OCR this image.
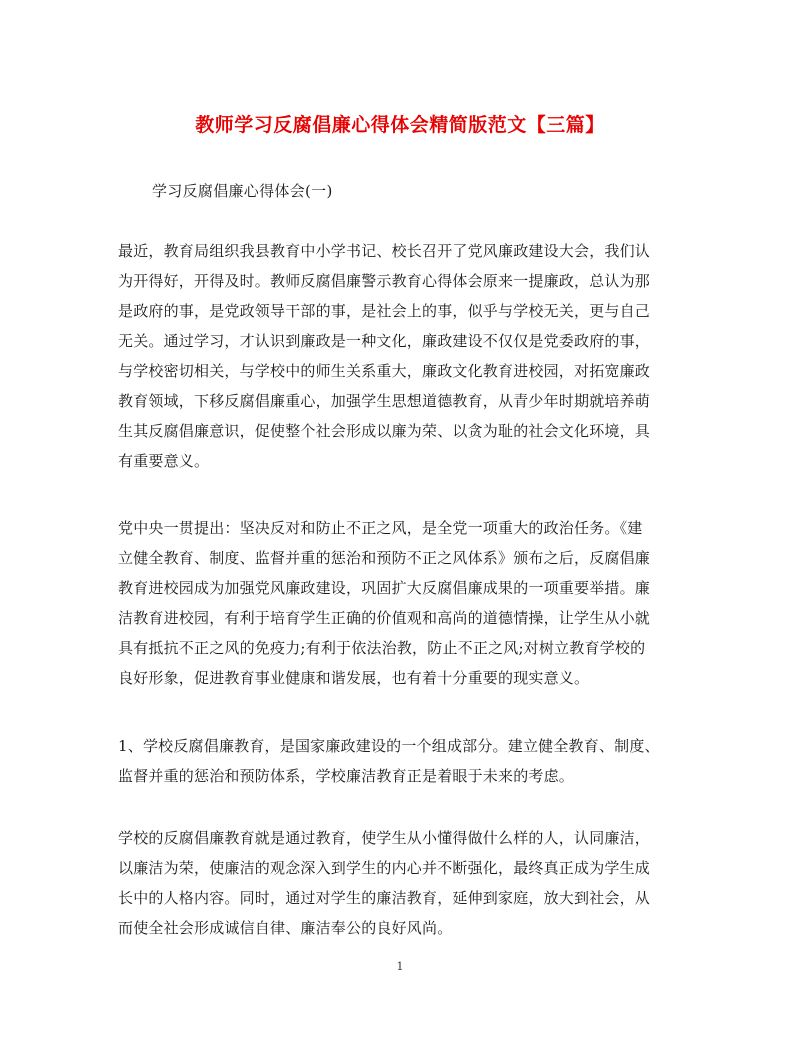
教师学习反腐倡廉心得体会精简版范文【三篇】
学习反腐倡廉心得体会(一)
最近，教育局组织我县教育中小学书记、校长召开了党风廉政建设大会，我们认
为开得好，开得及时。教师反腐倡廉警示教育心得体会原来一提廉政，总认为那
是政府的事，是党政领导干部的事，是社会上的事，似乎与学校无关，更与自己
无关。通过学习，才认识到廉政是一种文化，廉政建设不仅仅是党委政府的事，
与学校密切相关，与学校中的师生关系重大，廉政文化教育进校园，对拓宽廉政
教育领域，下移反腐倡廉重心，加强学生思想道德教育，从青少年时期就培养萌
生其反腐倡廉意识，促使整个社会形成以廉为荣、以贪为耻的社会文化环境，具
有重要意义。
党中央一贯提出：坚决反对和防止不正之风，是全党一项重大的政治任务。《建
立健全教育、制度、监督并重的惩治和预防不正之风体系》颁布之后，反腐倡廉
教育进校园成为加强党风廉政建设，巩固扩大反腐倡廉成果的一项重要举措。廉
洁教育进校园，有利于培育学生正确的价值观和高尚的道德情操，让学生从小就
具有抵抗不正之风的免疫力;有利于依法治教，防止不正之风;对树立教育学校的
良好形象，促进教育事业健康和谐发展，也有着十分重要的现实意义。
1、学校反腐倡廉教育，是国家廉政建设的一个组成部分。建立健全教育、制度、
监督并重的惩治和预防体系，学校廉洁教育正是着眼于未来的考虑。
学校的反腐倡廉教育就是通过教育，使学生从小懂得做什么样的人，认同廉洁，
以廉洁为荣，使廉洁的观念深入到学生的内心并不断强化，最终真正成为学生成
长中的人格内容。同时，通过对学生的廉洁教育，延伸到家庭，放大到社会，从
而使全社会形成诚信自律、廉洁奉公的良好风尚。
1
